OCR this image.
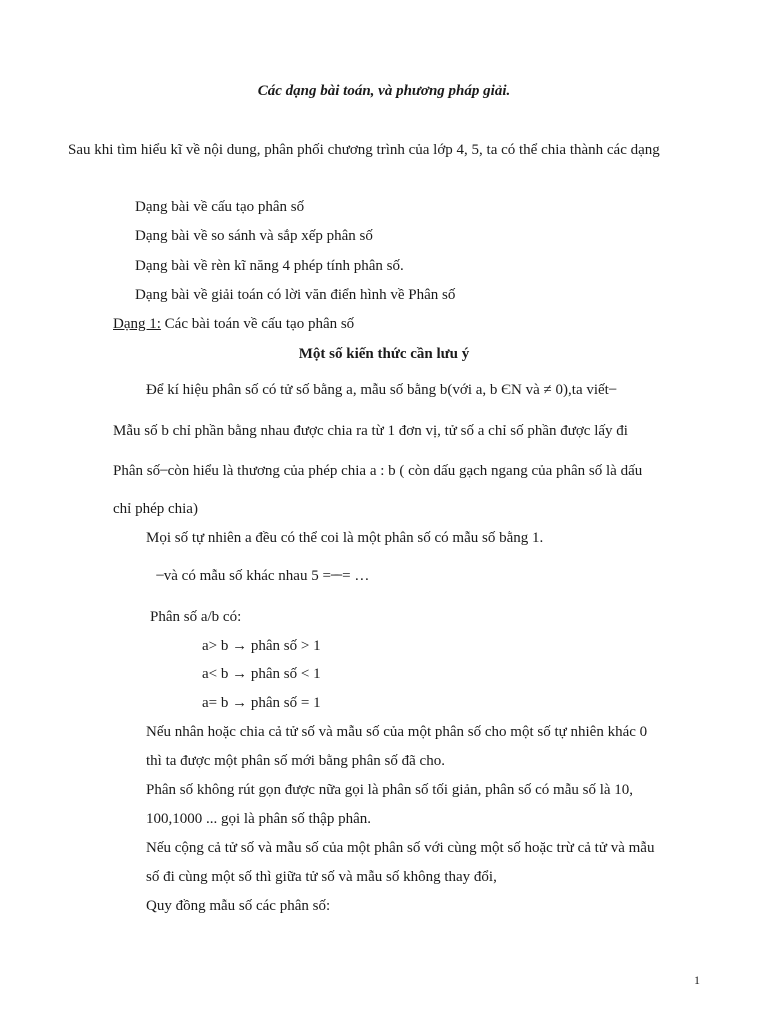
Các dạng bài toán, và phương pháp giải.
Sau khi tìm hiểu kĩ về nội dung, phân phối chương trình của lớp 4, 5, ta có thể chia thành các dạng
Dạng bài về cấu tạo phân số
Dạng bài về so sánh và sắp xếp phân số
Dạng bài về rèn kĩ năng 4 phép tính phân số.
Dạng bài về giải toán có lời văn điển hình về Phân số
Dạng 1: Các bài toán về cấu tạo phân số
Một số kiến thức cần lưu ý
Để kí hiệu phân số có tử số bằng a, mẫu số bằng b(với a, b ЄN và ≠ 0),ta viết ̶
Mẫu số b chỉ phần bằng nhau được chia ra từ 1 đơn vị, tử số a chỉ số phần được lấy đi
Phân số ̶ còn hiểu là thương của phép chia a : b ( còn dấu gạch ngang của phân số là dấu
chỉ phép chia)
Mọi số tự nhiên a đều có thể coi là một phân số có mẫu số bằng 1.
̶ và có mẫu số khác nhau 5 = ̶̶ ̶̶ = …
Phân số a/b có:
a> b → phân số > 1
a< b → phân số < 1
a= b → phân số = 1
Nếu nhân hoặc chia cả tử số và mẫu số của một phân số cho một số tự nhiên khác 0
thì ta được một phân số mới bằng phân số đã cho.
Phân số không rút gọn được nữa gọi là phân số tối giản, phân số có mẫu số là 10,
100,1000 ... gọi là phân số thập phân.
Nếu cộng cả tử số và mẫu số của một phân số với cùng một số hoặc trừ cả tử và mẫu
số đi cùng một số thì giữa tử số và mẫu số không thay đổi,
Quy đồng mẫu số các phân số:
1
